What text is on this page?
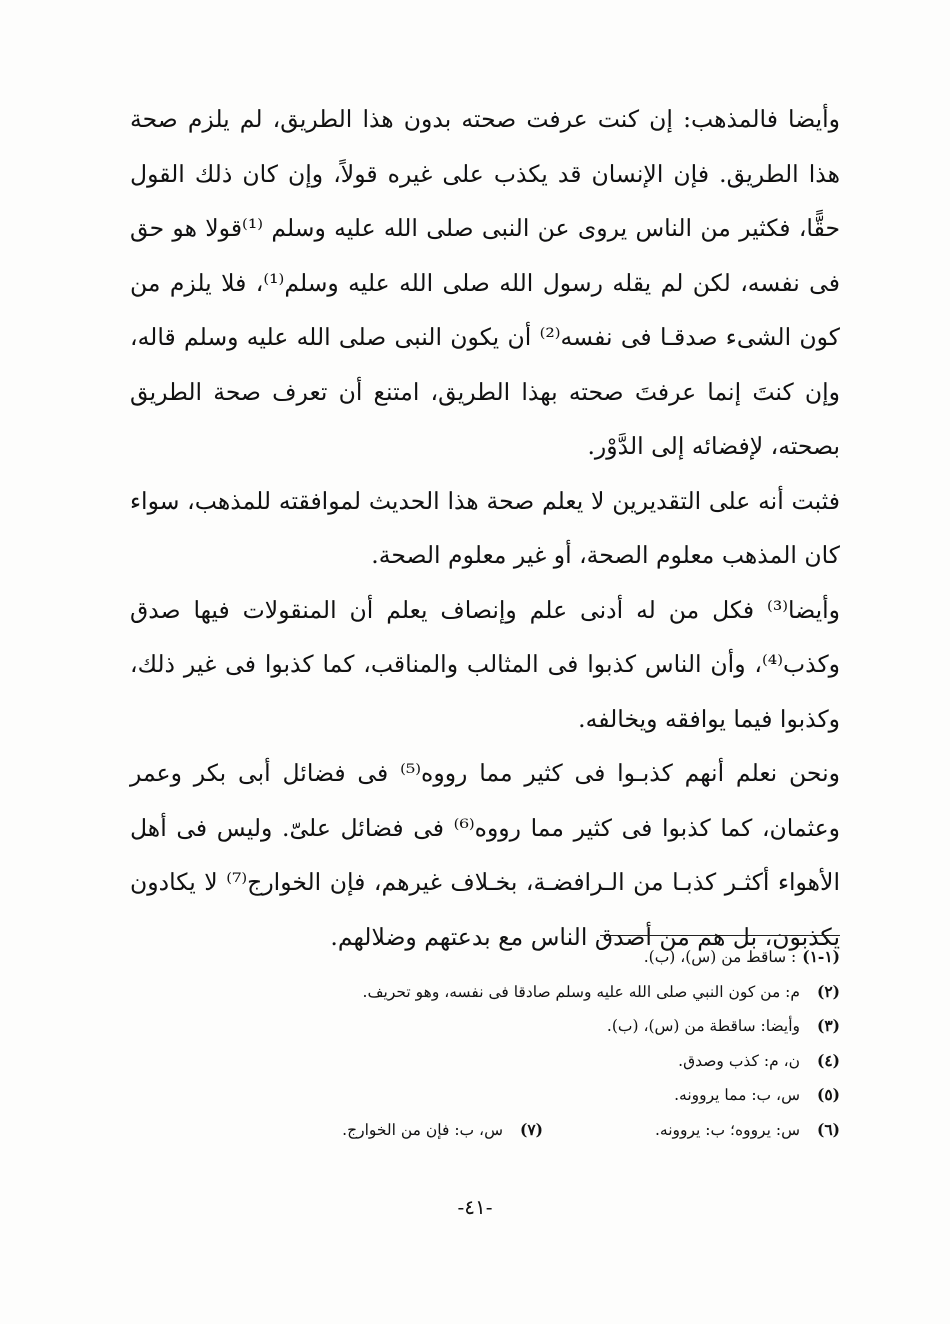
وأيضا فالمذهب: إن كنت عرفت صحته بدون هذا الطريق، لم يلزم صحة هذا الطريق. فإن الإنسان قد يكذب على غيره قولاً، وإن كان ذلك القول حقًّا، فكثير من الناس يروى عن النبى صلى الله عليه وسلم ⁽¹⁾قولا هو حق فى نفسه، لكن لم يقله رسول الله صلى الله عليه وسلم⁽¹⁾، فلا يلزم من كون الشىء صدقـا فى نفسه⁽²⁾ أن يكون النبى صلى الله عليه وسلم قاله، وإن كنتَ إنما عرفتَ صحته بهذا الطريق، امتنع أن تعرف صحة الطريق بصحته، لإفضائه إلى الدَّوْر.

فثبت أنه على التقديرين لا يعلم صحة هذا الحديث لموافقته للمذهب، سواء كان المذهب معلوم الصحة، أو غير معلوم الصحة.

وأيضا⁽³⁾ فكل من له أدنى علم وإنصاف يعلم أن المنقولات فيها صدق وكذب⁽⁴⁾، وأن الناس كذبوا فى المثالب والمناقب، كما كذبوا فى غير ذلك، وكذبوا فيما يوافقه ويخالفه.

ونحن نعلم أنهم كذبـوا فى كثير مما رووه⁽⁵⁾ فى فضائل أبى بكر وعمر وعثمان، كما كذبوا فى كثير مما رووه⁽⁶⁾ فى فضائل علىّ. وليس فى أهل الأهواء أكثـر كذبـا من الـرافضـة، بخـلاف غيرهم، فإن الخوارج⁽⁷⁾ لا يكادون يكذبون، بل هم من أصدق الناس مع بدعتهم وضلالهم.

(١-١)
: ساقط من (س)، (ب).
(٢)
م: من كون النبي صلى الله عليه وسلم صادقا فى نفسه، وهو تحريف.
(٣)
وأيضا: ساقطة من (س)، (ب).
(٤)
ن، م: كذب وصدق.
(٥)
س، ب: مما يروونه.
(٦)
س: يرووه؛ ب: يروونه.
(٧)
س، ب: فإن من الخوارج.
-٤١-
